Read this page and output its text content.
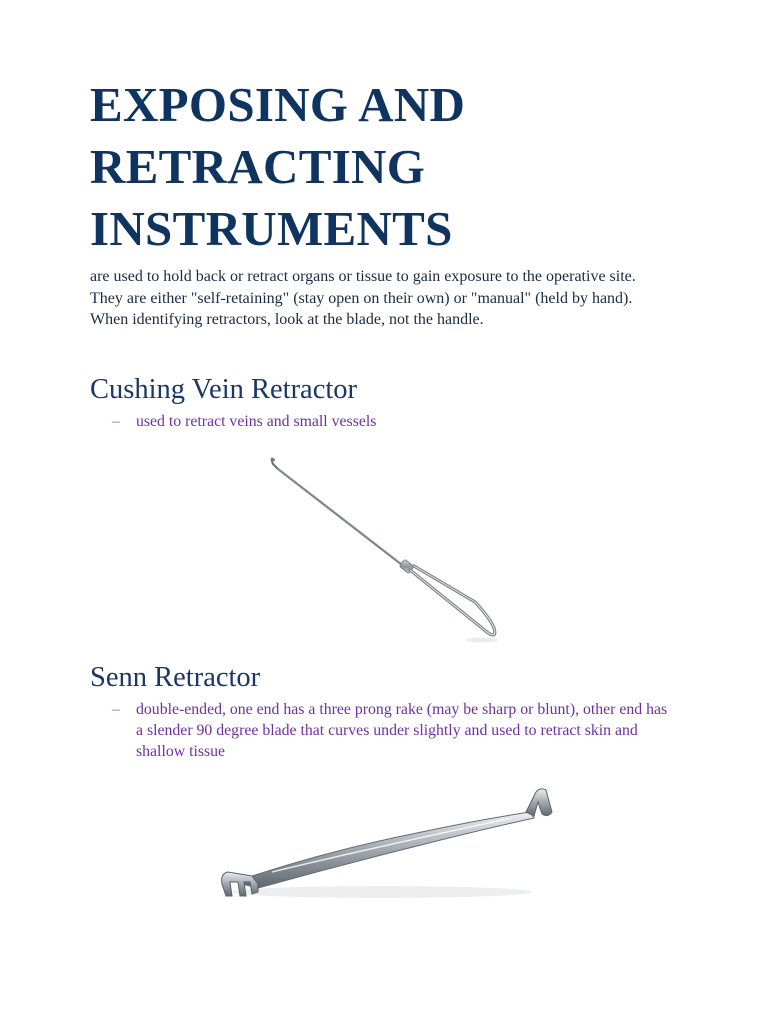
EXPOSING AND
RETRACTING
INSTRUMENTS

are used to hold back or retract organs or tissue to gain exposure to the operative site. They are either "self-retaining" (stay open on their own) or "manual" (held by hand). When identifying retractors, look at the blade, not the handle.

Cushing Vein Retractor
– used to retract veins and small vessels
Senn Retractor
– double-ended, one end has a three prong rake (may be sharp or blunt), other end has a slender 90 degree blade that curves under slightly and used to retract skin and shallow tissue
